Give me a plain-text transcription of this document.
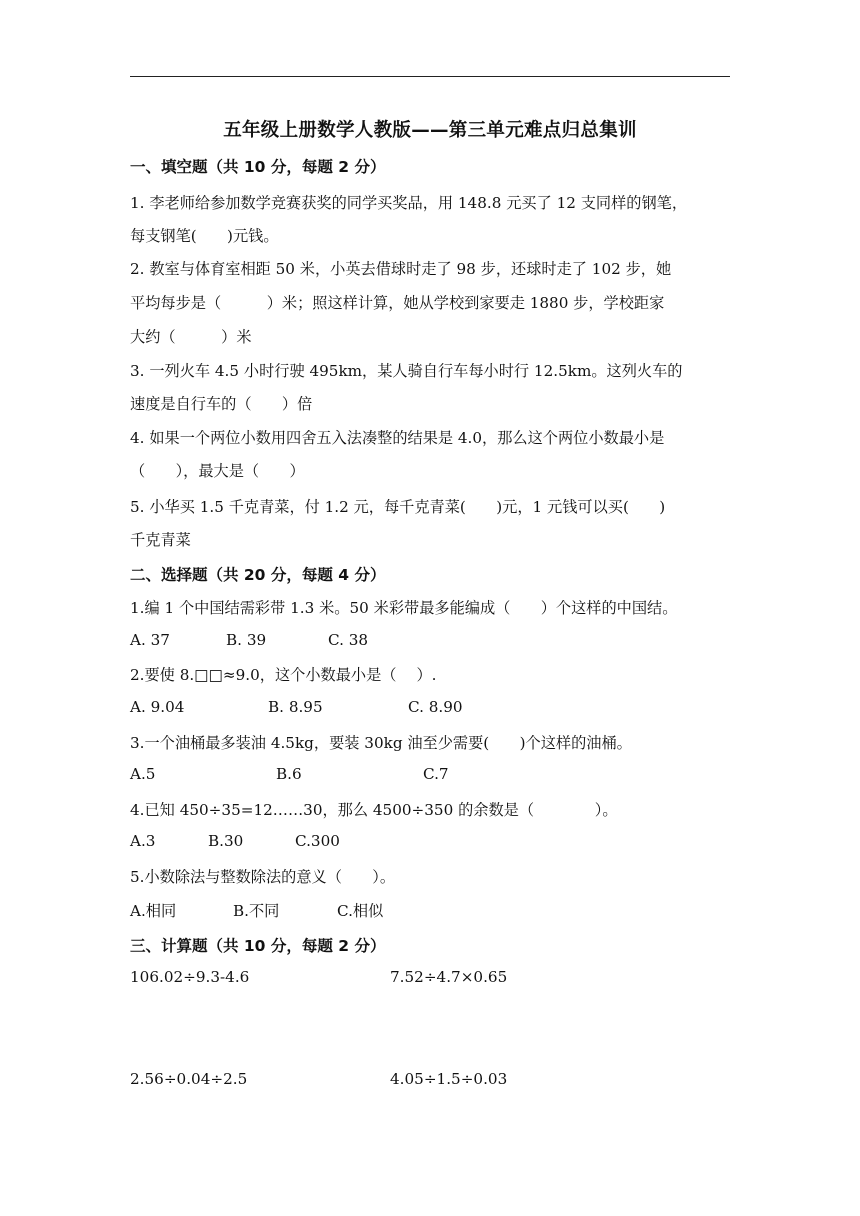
五年级上册数学人教版——第三单元难点归总集训
一、填空题（共 10 分，每题 2 分）
1. 李老师给参加数学竞赛获奖的同学买奖品，用 148.8 元买了 12 支同样的钢笔，
每支钢笔(　　)元钱。
2. 教室与体育室相距 50 米，小英去借球时走了 98 步，还球时走了 102 步，她
平均每步是（　　　）米；照这样计算，她从学校到家要走 1880 步，学校距家
大约（　　　）米
3. 一列火车 4.5 小时行驶 495km，某人骑自行车每小时行 12.5km。这列火车的
速度是自行车的（　　）倍
4. 如果一个两位小数用四舍五入法凑整的结果是 4.0，那么这个两位小数最小是
（　　），最大是（　　）
5. 小华买 1.5 千克青菜，付 1.2 元，每千克青菜(　　)元，1 元钱可以买(　　)
千克青菜
二、选择题（共 20 分，每题 4 分）
1.编 1 个中国结需彩带 1.3 米。50 米彩带最多能编成（　　）个这样的中国结。
A. 37	B. 39	C. 38
2.要使 8.□□≈9.0，这个小数最小是（　 ）.
A. 9.04	B. 8.95	C. 8.90
3.一个油桶最多装油 4.5kg，要装 30kg 油至少需要(　　)个这样的油桶。
A.5	B.6	C.7
4.已知 450÷35=12……30，那么 4500÷350 的余数是（　　　　）。
A.3	B.30	C.300
5.小数除法与整数除法的意义（　　）。
A.相同	B.不同	C.相似
三、计算题（共 10 分，每题 2 分）
106.02÷9.3-4.6	7.52÷4.7×0.65
2.56÷0.04÷2.5	4.05÷1.5÷0.03
